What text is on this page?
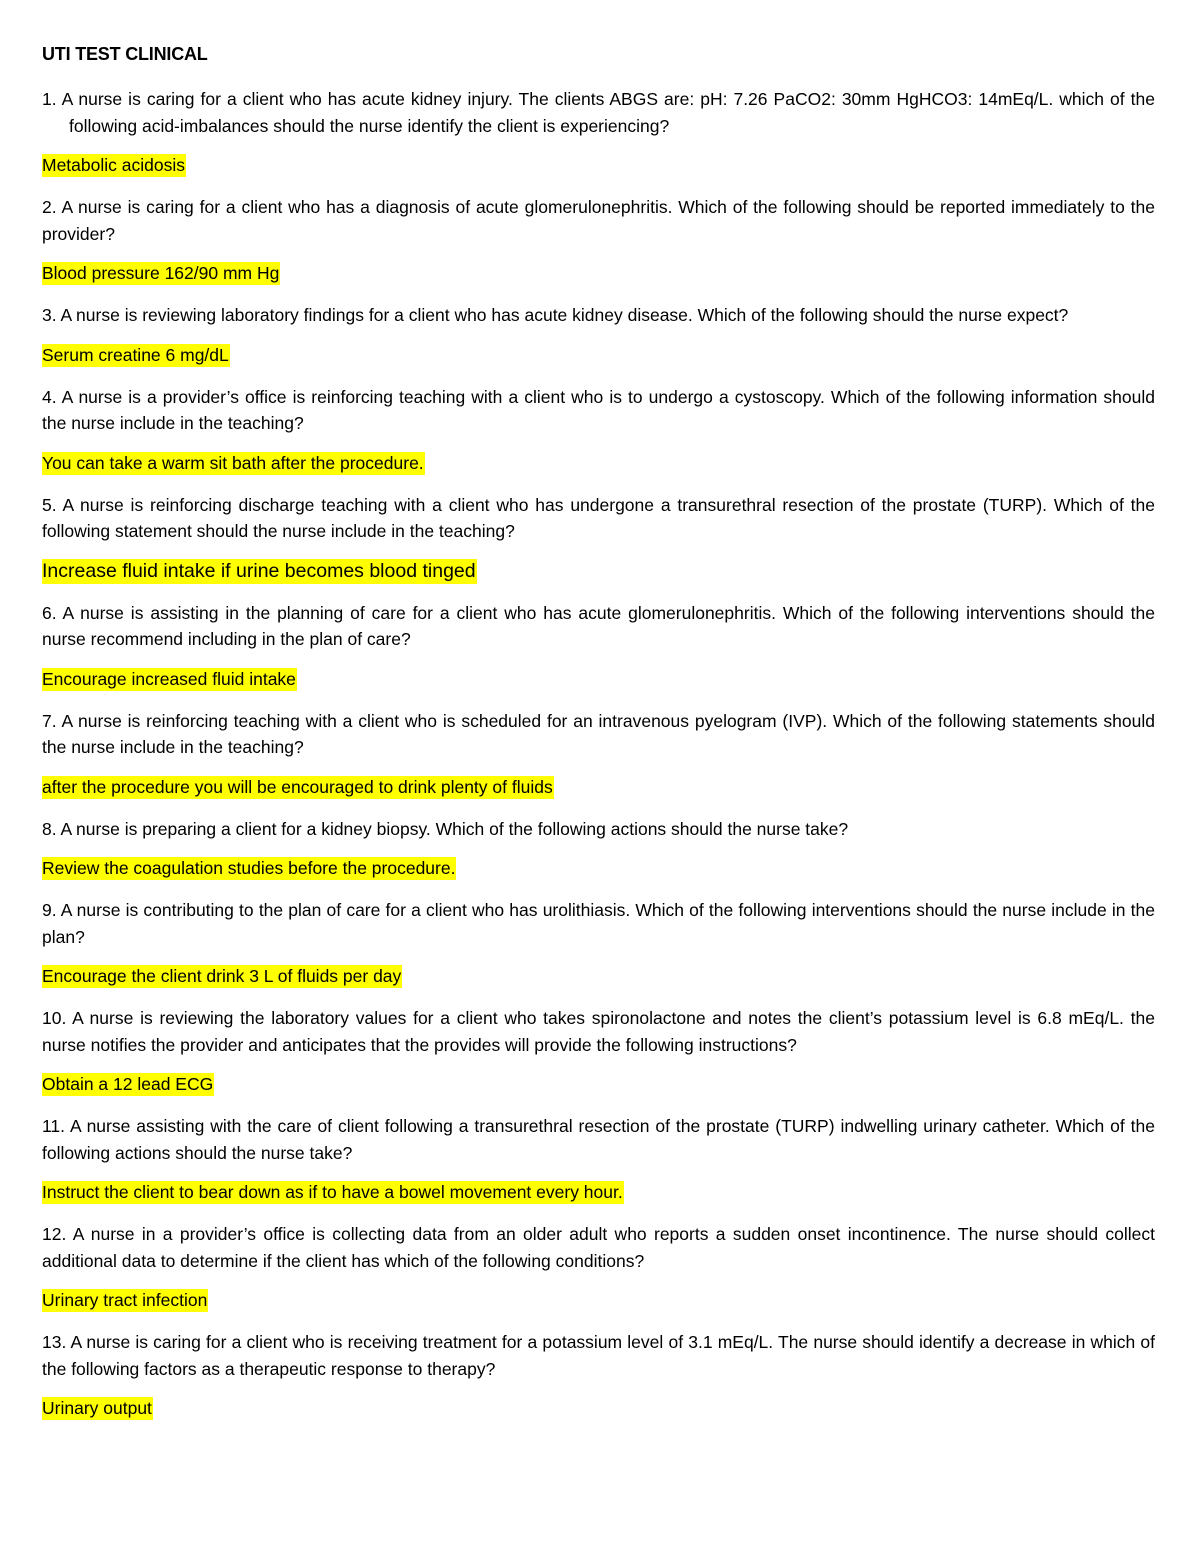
UTI TEST CLINICAL

1. A nurse is caring for a client who has acute kidney injury. The clients ABGS are: pH: 7.26 PaCO2: 30mm HgHCO3: 14mEq/L. which of the following acid-imbalances should the nurse identify the client is experiencing?

Metabolic acidosis

2. A nurse is caring for a client who has a diagnosis of acute glomerulonephritis. Which of the following should be reported immediately to the provider?

Blood pressure 162/90 mm Hg

3. A nurse is reviewing laboratory findings for a client who has acute kidney disease. Which of the following should the nurse expect?

Serum creatine 6 mg/dL

4. A nurse is a provider’s office is reinforcing teaching with a client who is to undergo a cystoscopy. Which of the following information should the nurse include in the teaching?

You can take a warm sit bath after the procedure.

5. A nurse is reinforcing discharge teaching with a client who has undergone a transurethral resection of the prostate (TURP). Which of the following statement should the nurse include in the teaching?

Increase fluid intake if urine becomes blood tinged

6. A nurse is assisting in the planning of care for a client who has acute glomerulonephritis. Which of the following interventions should the nurse recommend including in the plan of care?

Encourage increased fluid intake

7. A nurse is reinforcing teaching with a client who is scheduled for an intravenous pyelogram (IVP). Which of the following statements should the nurse include in the teaching?

after the procedure you will be encouraged to drink plenty of fluids

8. A nurse is preparing a client for a kidney biopsy. Which of the following actions should the nurse take?

Review the coagulation studies before the procedure.

9. A nurse is contributing to the plan of care for a client who has urolithiasis. Which of the following interventions should the nurse include in the plan?

Encourage the client drink 3 L of fluids per day

10. A nurse is reviewing the laboratory values for a client who takes spironolactone and notes the client’s potassium level is 6.8 mEq/L. the nurse notifies the provider and anticipates that the provides will provide the following instructions?

Obtain a 12 lead ECG

11. A nurse assisting with the care of client following a transurethral resection of the prostate (TURP) indwelling urinary catheter. Which of the following actions should the nurse take?

Instruct the client to bear down as if to have a bowel movement every hour.

12. A nurse in a provider’s office is collecting data from an older adult who reports a sudden onset incontinence. The nurse should collect additional data to determine if the client has which of the following conditions?

Urinary tract infection

13. A nurse is caring for a client who is receiving treatment for a potassium level of 3.1 mEq/L. The nurse should identify a decrease in which of the following factors as a therapeutic response to therapy?

Urinary output
